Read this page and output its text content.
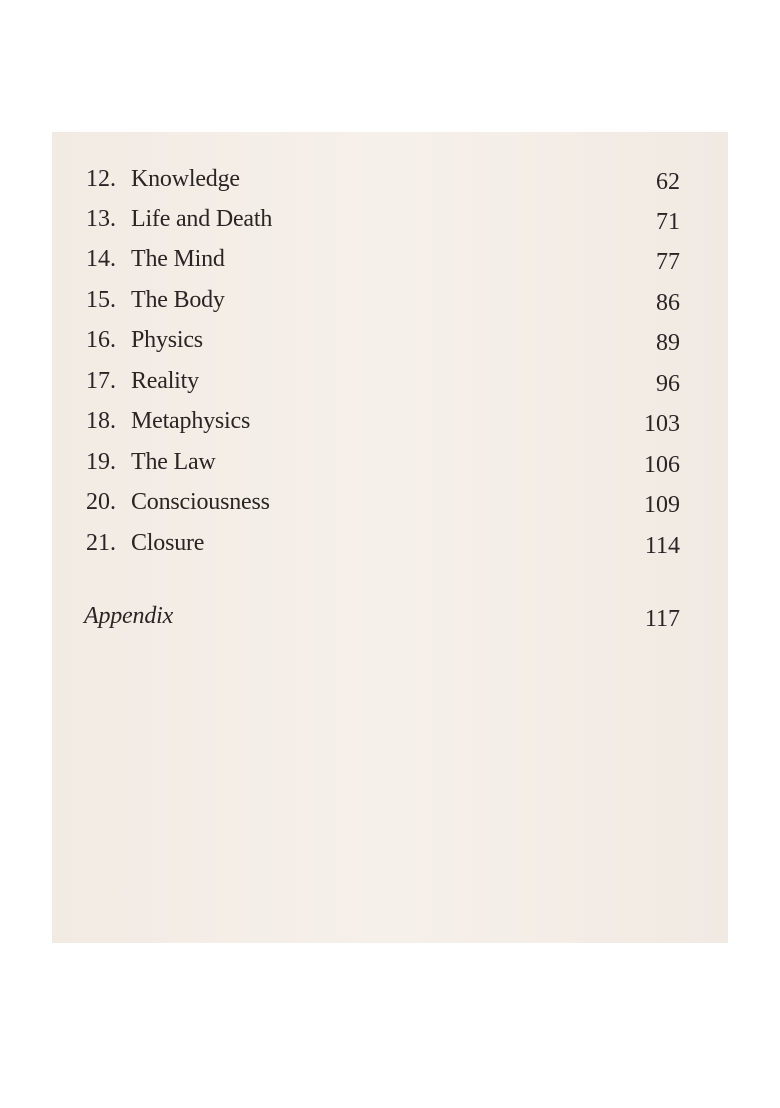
12. Knowledge	62
13. Life and Death	71
14. The Mind	77
15. The Body	86
16. Physics	89
17. Reality	96
18. Metaphysics	103
19. The Law	106
20. Consciousness	109
21. Closure	114
Appendix	117
